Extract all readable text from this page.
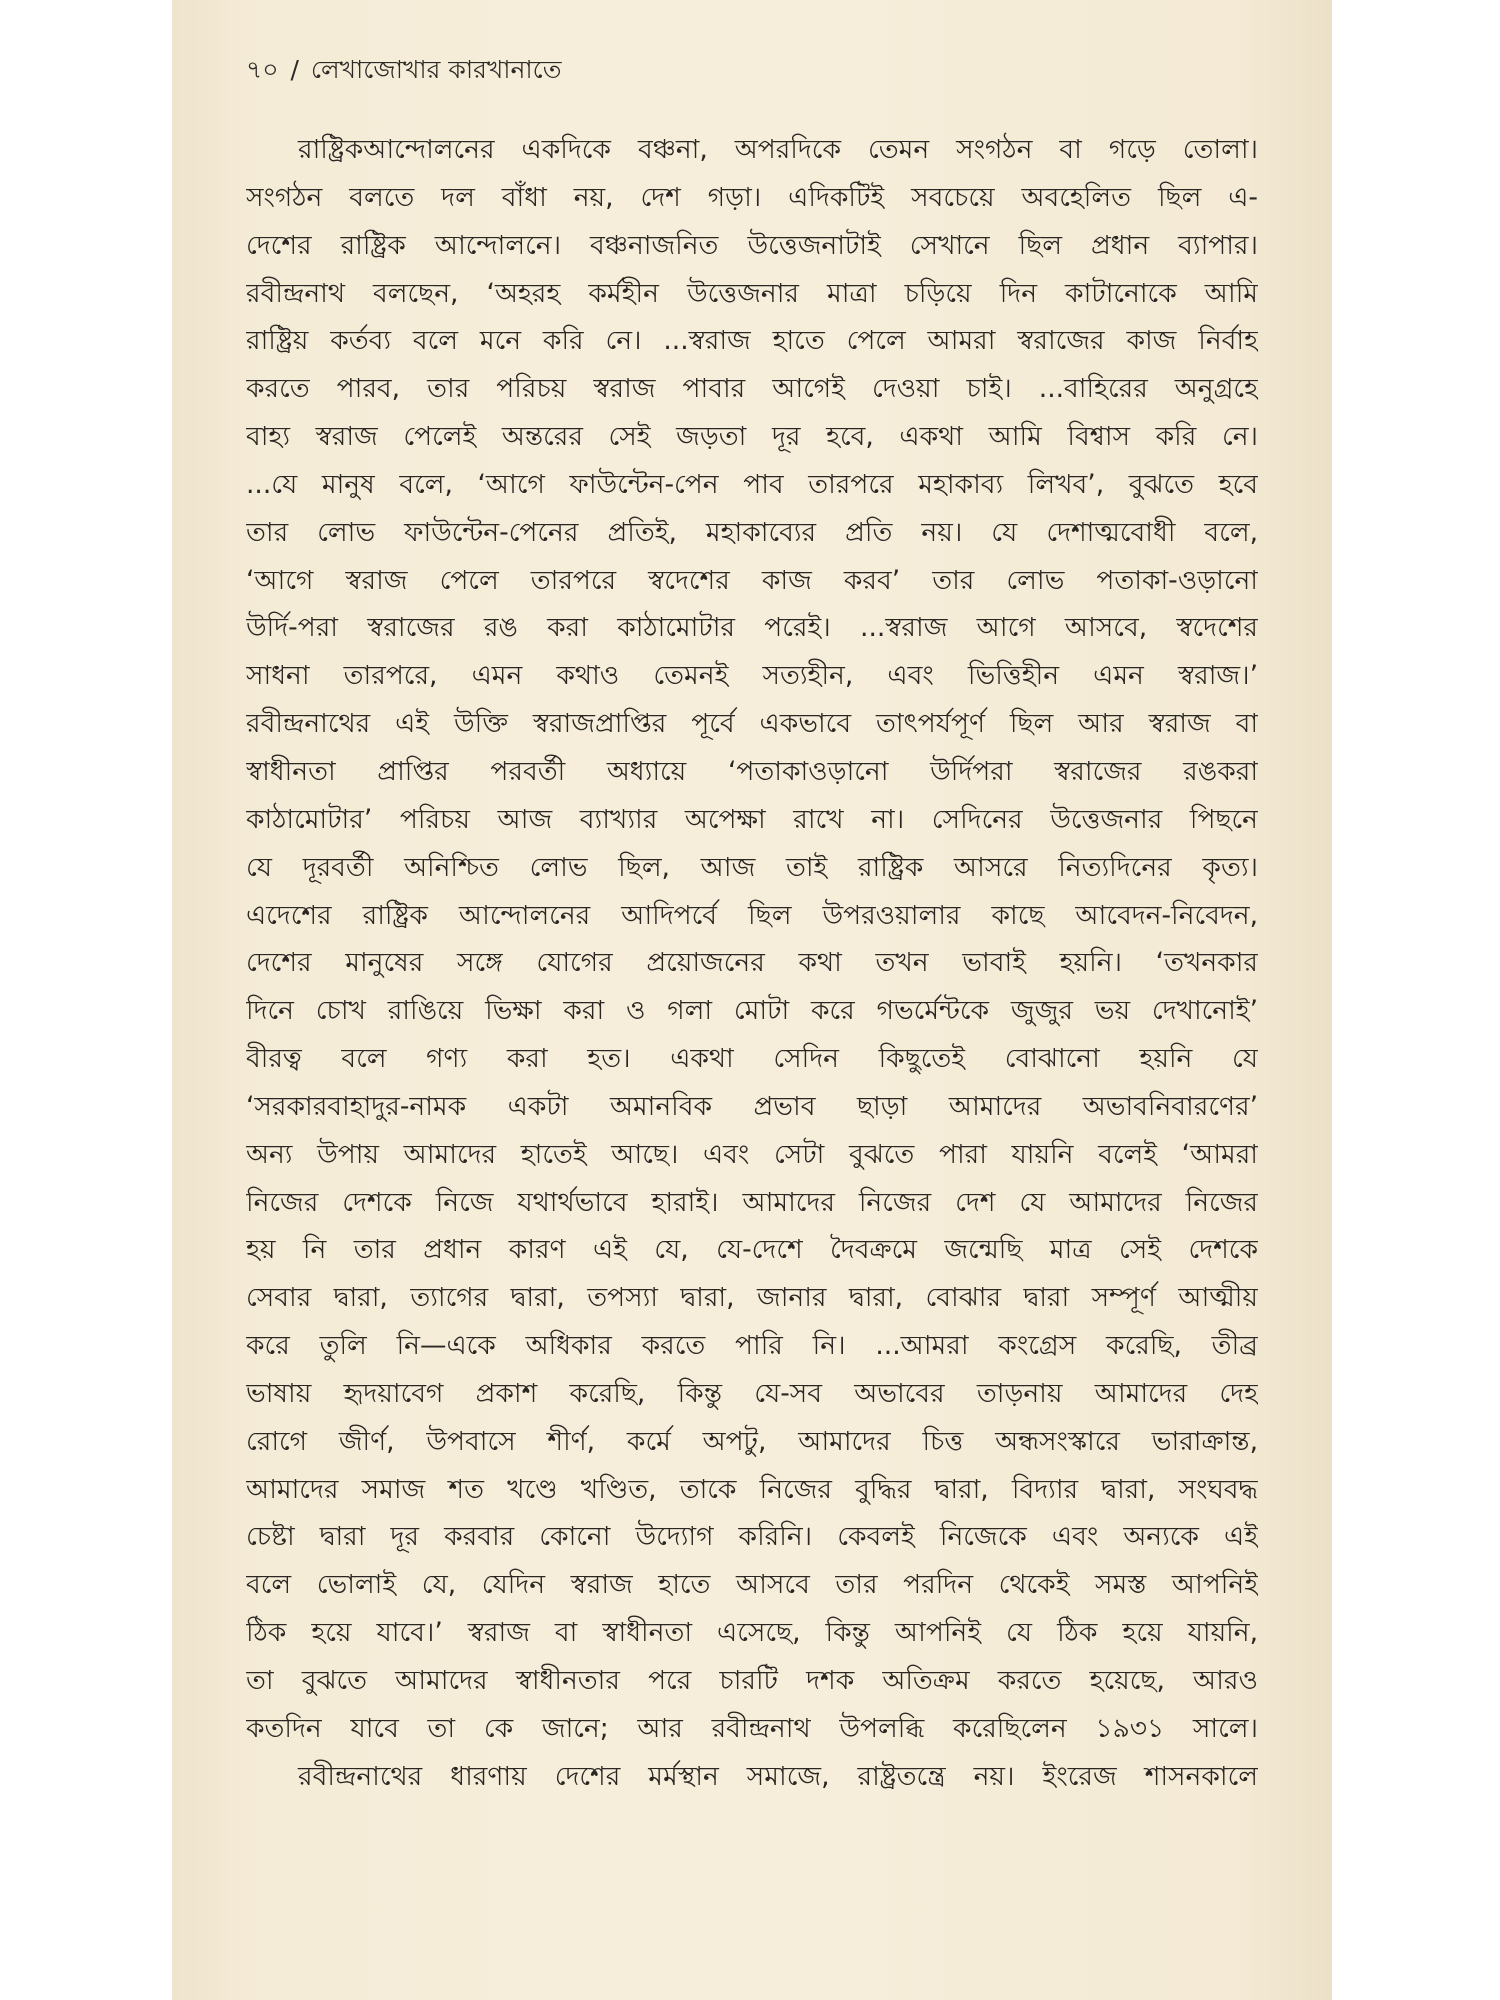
৭০ / লেখাজোখার কারখানাতে
রাষ্ট্রিকআন্দোলনের একদিকে বঞ্চনা, অপরদিকে তেমন সংগঠন বা গড়ে তোলা।
সংগঠন বলতে দল বাঁধা নয়, দেশ গড়া। এদিকটিই সবচেয়ে অবহেলিত ছিল এ-
দেশের রাষ্ট্রিক আন্দোলনে। বঞ্চনাজনিত উত্তেজনাটাই সেখানে ছিল প্রধান ব্যাপার।
রবীন্দ্রনাথ বলছেন, ‘অহরহ কর্মহীন উত্তেজনার মাত্রা চড়িয়ে দিন কাটানোকে আমি
রাষ্ট্রিয় কর্তব্য বলে মনে করি নে। ...স্বরাজ হাতে পেলে আমরা স্বরাজের কাজ নির্বাহ
করতে পারব, তার পরিচয় স্বরাজ পাবার আগেই দেওয়া চাই। ...বাহিরের অনুগ্রহে
বাহ্য স্বরাজ পেলেই অন্তরের সেই জড়তা দূর হবে, একথা আমি বিশ্বাস করি নে।
...যে মানুষ বলে, ‘আগে ফাউন্টেন-পেন পাব তারপরে মহাকাব্য লিখব’, বুঝতে হবে
তার লোভ ফাউন্টেন-পেনের প্রতিই, মহাকাব্যের প্রতি নয়। যে দেশাত্মবোধী বলে,
‘আগে স্বরাজ পেলে তারপরে স্বদেশের কাজ করব’ তার লোভ পতাকা-ওড়ানো
উর্দি-পরা স্বরাজের রঙ করা কাঠামোটার পরেই। ...স্বরাজ আগে আসবে, স্বদেশের
সাধনা তারপরে, এমন কথাও তেমনই সত্যহীন, এবং ভিত্তিহীন এমন স্বরাজ।’
রবীন্দ্রনাথের এই উক্তি স্বরাজপ্রাপ্তির পূর্বে একভাবে তাৎপর্যপূর্ণ ছিল আর স্বরাজ বা
স্বাধীনতা প্রাপ্তির পরবর্তী অধ্যায়ে ‘পতাকাওড়ানো উর্দিপরা স্বরাজের রঙকরা
কাঠামোটার’ পরিচয় আজ ব্যাখ্যার অপেক্ষা রাখে না। সেদিনের উত্তেজনার পিছনে
যে দূরবর্তী অনিশ্চিত লোভ ছিল, আজ তাই রাষ্ট্রিক আসরে নিত্যদিনের কৃত্য।
এদেশের রাষ্ট্রিক আন্দোলনের আদিপর্বে ছিল উপরওয়ালার কাছে আবেদন-নিবেদন,
দেশের মানুষের সঙ্গে যোগের প্রয়োজনের কথা তখন ভাবাই হয়নি। ‘তখনকার
দিনে চোখ রাঙিয়ে ভিক্ষা করা ও গলা মোটা করে গভর্মেন্টকে জুজুর ভয় দেখানোই’
বীরত্ব বলে গণ্য করা হত। একথা সেদিন কিছুতেই বোঝানো হয়নি যে
‘সরকারবাহাদুর-নামক একটা অমানবিক প্রভাব ছাড়া আমাদের অভাবনিবারণের’
অন্য উপায় আমাদের হাতেই আছে। এবং সেটা বুঝতে পারা যায়নি বলেই ‘আমরা
নিজের দেশকে নিজে যথার্থভাবে হারাই। আমাদের নিজের দেশ যে আমাদের নিজের
হয় নি তার প্রধান কারণ এই যে, যে-দেশে দৈবক্রমে জন্মেছি মাত্র সেই দেশকে
সেবার দ্বারা, ত্যাগের দ্বারা, তপস্যা দ্বারা, জানার দ্বারা, বোঝার দ্বারা সম্পূর্ণ আত্মীয়
করে তুলি নি—একে অধিকার করতে পারি নি। ...আমরা কংগ্রেস করেছি, তীব্র
ভাষায় হৃদয়াবেগ প্রকাশ করেছি, কিন্তু যে-সব অভাবের তাড়নায় আমাদের দেহ
রোগে জীর্ণ, উপবাসে শীর্ণ, কর্মে অপটু, আমাদের চিত্ত অন্ধসংস্কারে ভারাক্রান্ত,
আমাদের সমাজ শত খণ্ডে খণ্ডিত, তাকে নিজের বুদ্ধির দ্বারা, বিদ্যার দ্বারা, সংঘবদ্ধ
চেষ্টা দ্বারা দূর করবার কোনো উদ্যোগ করিনি। কেবলই নিজেকে এবং অন্যকে এই
বলে ভোলাই যে, যেদিন স্বরাজ হাতে আসবে তার পরদিন থেকেই সমস্ত আপনিই
ঠিক হয়ে যাবে।’ স্বরাজ বা স্বাধীনতা এসেছে, কিন্তু আপনিই যে ঠিক হয়ে যায়নি,
তা বুঝতে আমাদের স্বাধীনতার পরে চারটি দশক অতিক্রম করতে হয়েছে, আরও
কতদিন যাবে তা কে জানে; আর রবীন্দ্রনাথ উপলব্ধি করেছিলেন ১৯৩১ সালে।
রবীন্দ্রনাথের ধারণায় দেশের মর্মস্থান সমাজে, রাষ্ট্রতন্ত্রে নয়। ইংরেজ শাসনকালে
